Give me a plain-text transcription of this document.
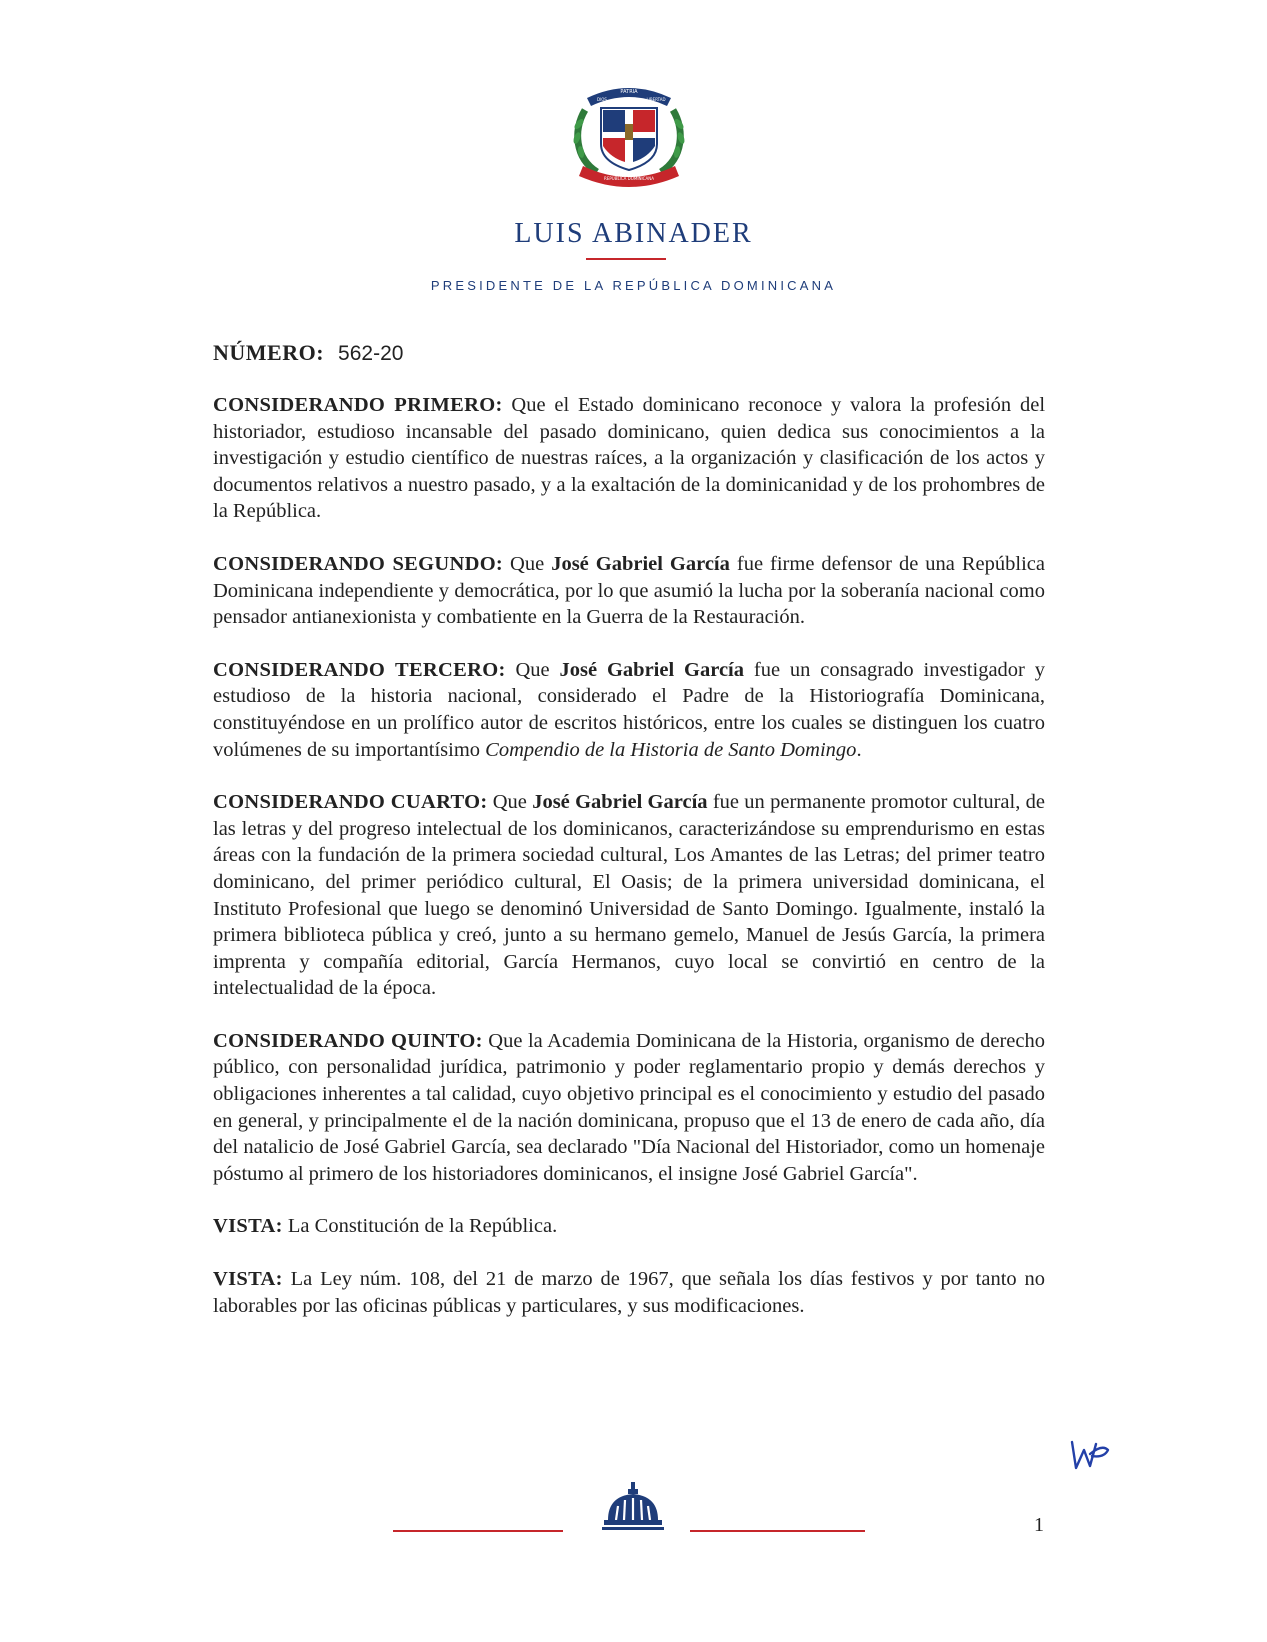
PATRIA
DIOS	LIBERTAD
REPÚBLICA DOMINICANA
LUIS ABINADER
PRESIDENTE DE LA REPÚBLICA DOMINICANA
NÚMERO: 562-20

CONSIDERANDO PRIMERO: Que el Estado dominicano reconoce y valora la profesión del historiador, estudioso incansable del pasado dominicano, quien dedica sus conocimientos a la investigación y estudio científico de nuestras raíces, a la organización y clasificación de los actos y documentos relativos a nuestro pasado, y a la exaltación de la dominicanidad y de los prohombres de la República.

CONSIDERANDO SEGUNDO: Que José Gabriel García fue firme defensor de una República Dominicana independiente y democrática, por lo que asumió la lucha por la soberanía nacional como pensador antianexionista y combatiente en la Guerra de la Restauración.

CONSIDERANDO TERCERO: Que José Gabriel García fue un consagrado investigador y estudioso de la historia nacional, considerado el Padre de la Historiografía Dominicana, constituyéndose en un prolífico autor de escritos históricos, entre los cuales se distinguen los cuatro volúmenes de su importantísimo Compendio de la Historia de Santo Domingo.

CONSIDERANDO CUARTO: Que José Gabriel García fue un permanente promotor cultural, de las letras y del progreso intelectual de los dominicanos, caracterizándose su emprendurismo en estas áreas con la fundación de la primera sociedad cultural, Los Amantes de las Letras; del primer teatro dominicano, del primer periódico cultural, El Oasis; de la primera universidad dominicana, el Instituto Profesional que luego se denominó Universidad de Santo Domingo. Igualmente, instaló la primera biblioteca pública y creó, junto a su hermano gemelo, Manuel de Jesús García, la primera imprenta y compañía editorial, García Hermanos, cuyo local se convirtió en centro de la intelectualidad de la época.

CONSIDERANDO QUINTO: Que la Academia Dominicana de la Historia, organismo de derecho público, con personalidad jurídica, patrimonio y poder reglamentario propio y demás derechos y obligaciones inherentes a tal calidad, cuyo objetivo principal es el conocimiento y estudio del pasado en general, y principalmente el de la nación dominicana, propuso que el 13 de enero de cada año, día del natalicio de José Gabriel García, sea declarado "Día Nacional del Historiador, como un homenaje póstumo al primero de los historiadores dominicanos, el insigne José Gabriel García".

VISTA: La Constitución de la República.

VISTA: La Ley núm. 108, del 21 de marzo de 1967, que señala los días festivos y por tanto no laborables por las oficinas públicas y particulares, y sus modificaciones.

1
